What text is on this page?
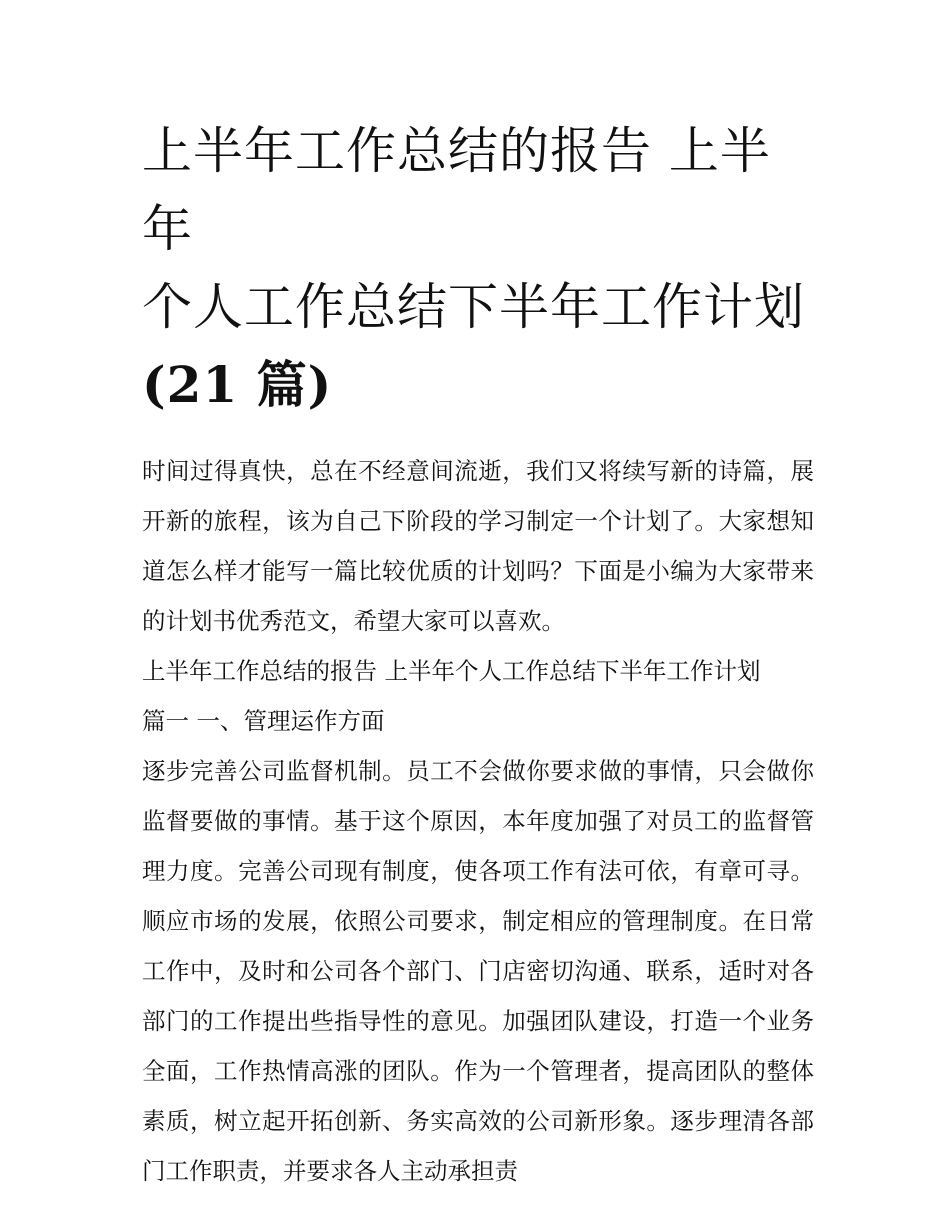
上半年工作总结的报告 上半年
个人工作总结下半年工作计划
(21 篇)

时间过得真快，总在不经意间流逝，我们又将续写新的诗篇，展开新的旅程，该为自己下阶段的学习制定一个计划了。大家想知道怎么样才能写一篇比较优质的计划吗？下面是小编为大家带来的计划书优秀范文，希望大家可以喜欢。

上半年工作总结的报告 上半年个人工作总结下半年工作计划

篇一 一、管理运作方面

逐步完善公司监督机制。员工不会做你要求做的事情，只会做你监督要做的事情。基于这个原因，本年度加强了对员工的监督管理力度。完善公司现有制度，使各项工作有法可依，有章可寻。顺应市场的发展，依照公司要求，制定相应的管理制度。在日常工作中，及时和公司各个部门、门店密切沟通、联系，适时对各部门的工作提出些指导性的意见。加强团队建设，打造一个业务全面，工作热情高涨的团队。作为一个管理者，提高团队的整体素质，树立起开拓创新、务实高效的公司新形象。逐步理清各部门工作职责，并要求各人主动承担责
